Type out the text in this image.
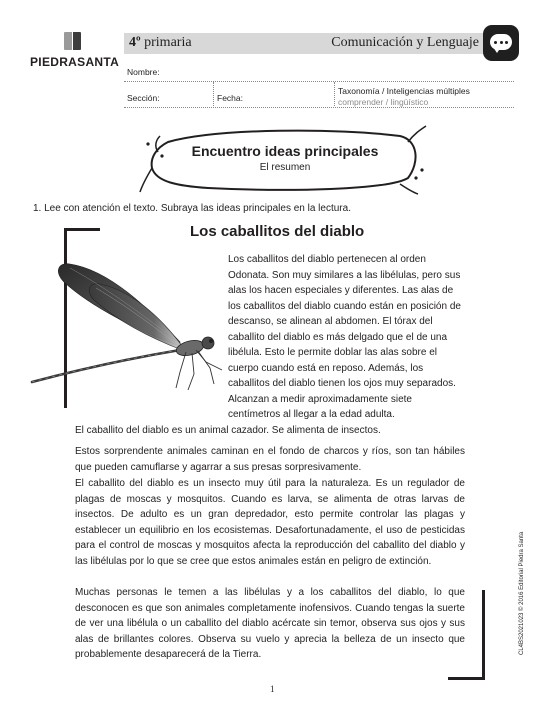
PIEDRASANTA
4º primaria	Comunicación y Lenguaje
Nombre:
Sección:	Fecha:
Taxonomía / Inteligencias múltiples
comprender / lingüístico
Encuentro ideas principales
El resumen
1. Lee con atención el texto. Subraya las ideas principales en la lectura.
Los caballitos del diablo
Los caballitos del diablo pertenecen al orden Odonata. Son muy similares a las libélulas, pero sus alas los hacen especiales y diferentes. Las alas de los caballitos del diablo cuando están en posición de descanso, se alinean al abdomen. El tórax del caballito del diablo es más delgado que el de una libélula. Esto le permite doblar las alas sobre el cuerpo cuando está en reposo. Además, los caballitos del diablo tienen los ojos muy separados. Alcanzan a medir aproximadamente siete centímetros al llegar a la edad adulta.
El caballito del diablo es un animal cazador. Se alimenta de insectos.
Estos sorprendente animales caminan en el fondo de charcos y ríos, son tan hábiles que pueden camuflarse y agarrar a sus presas sorpresivamente.
El caballito del diablo es un insecto muy útil para la naturaleza. Es un regulador de plagas de moscas y mosquitos. Cuando es larva, se alimenta de otras larvas de insectos. De adulto es un gran depredador, esto permite controlar las plagas y establecer un equilibrio en los ecosistemas. Desafortunadamente, el uso de pesticidas para el control de moscas y mosquitos afecta la reproducción del caballito del diablo y las libélulas por lo que se cree que estos animales están en peligro de extinción.
Muchas personas le temen a las libélulas y a los caballitos del diablo, lo que desconocen es que son animales completamente inofensivos. Cuando tengas la suerte de ver una libélula o un caballito del diablo acércate sin temor, observa sus ojos y sus alas de brillantes colores. Observa su vuelo y aprecia la belleza de un insecto que probablemente desaparecerá de la Tierra.
1
CL4BS2021023 © 2016 Editorial Piedra Santa
